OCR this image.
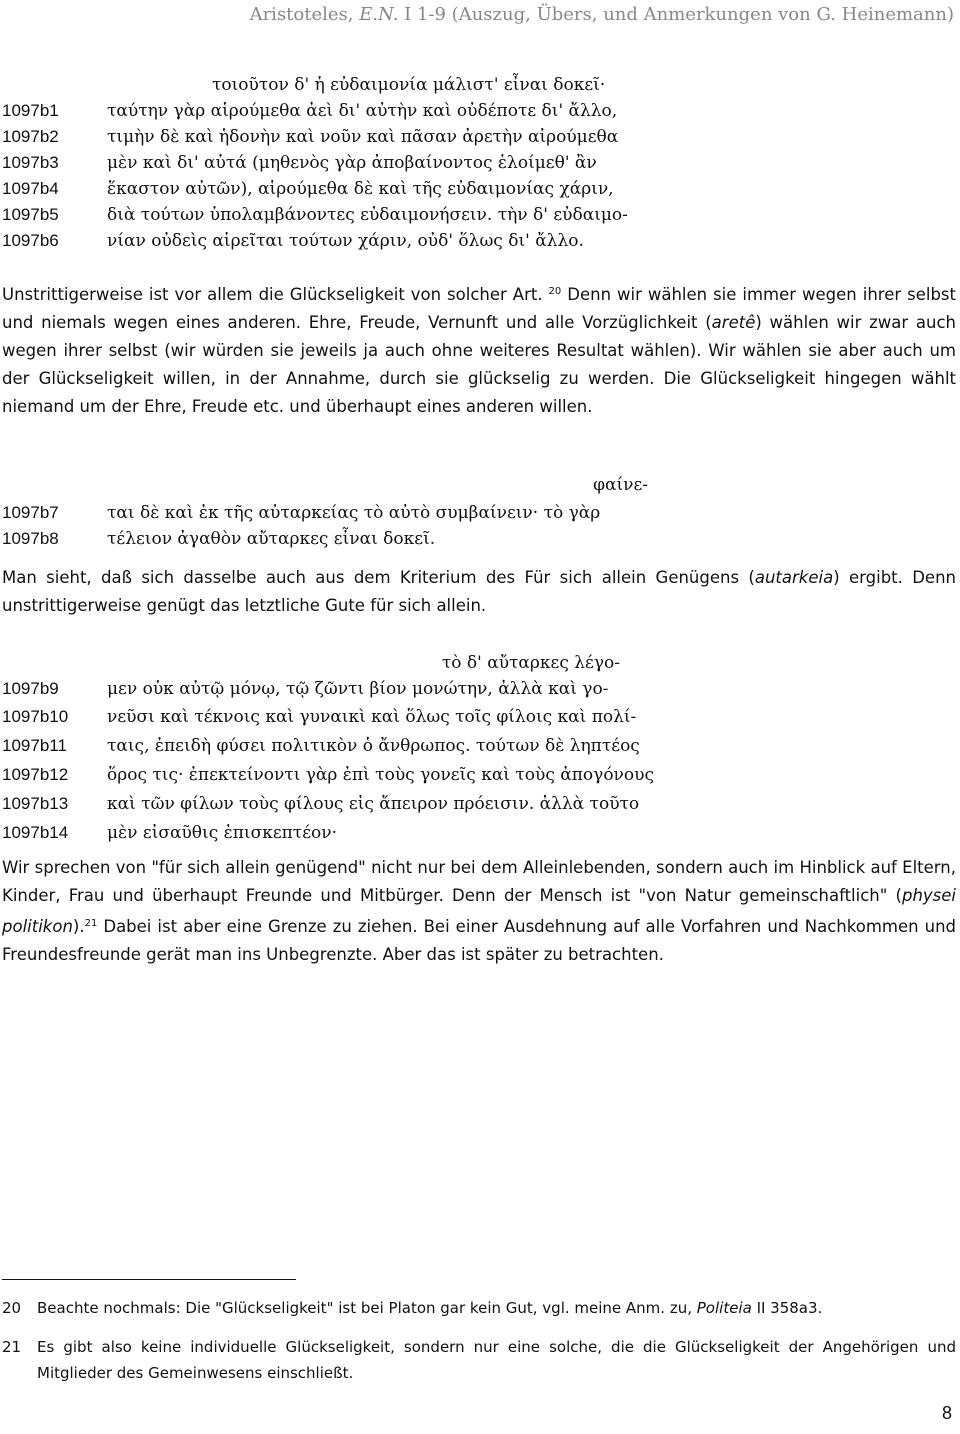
Aristoteles, E.N. I 1-9 (Auszug, Übers, und Anmerkungen von G. Heinemann)
τοιοῦτον δ' ἡ εὐδαιμονία μάλιστ' εἶναι δοκεῖ·
1097b1	ταύτην γὰρ αἱρούμεθα ἀεὶ δι' αὐτὴν καὶ οὐδέποτε δι' ἄλλο,
1097b2	τιμὴν δὲ καὶ ἡδονὴν καὶ νοῦν καὶ πᾶσαν ἀρετὴν αἱρούμεθα
1097b3	μὲν καὶ δι' αὐτά (μηθενὸς γὰρ ἀποβαίνοντος ἑλοίμεθ' ἂν
1097b4	ἕκαστον αὐτῶν), αἱρούμεθα δὲ καὶ τῆς εὐδαιμονίας χάριν,
1097b5	διὰ τούτων ὑπολαμβάνοντες εὐδαιμονήσειν. τὴν δ' εὐδαιμο-
1097b6	νίαν οὐδεὶς αἱρεῖται τούτων χάριν, οὐδ' ὅλως δι' ἄλλο.
Unstrittigerweise ist vor allem die Glückseligkeit von solcher Art. $^{20}$ Denn wir wählen sie immer wegen ihrer selbst und niemals wegen eines anderen. Ehre, Freude, Vernunft und alle Vorzüglichkeit (aretê) wählen wir zwar auch wegen ihrer selbst (wir würden sie jeweils ja auch ohne weiteres Resultat wählen). Wir wählen sie aber auch um der Glückseligkeit willen, in der Annahme, durch sie glückselig zu werden. Die Glückseligkeit hingegen wählt niemand um der Ehre, Freude etc. und überhaupt eines anderen willen.
φαίνε-
1097b7	ται δὲ καὶ ἐκ τῆς αὐταρκείας τὸ αὐτὸ συμβαίνειν· τὸ γὰρ
1097b8	τέλειον ἀγαθὸν αὔταρκες εἶναι δοκεῖ.
Man sieht, daß sich dasselbe auch aus dem Kriterium des Für sich allein Genügens (autarkeia) ergibt. Denn unstrittigerweise genügt das letztliche Gute für sich allein.
τὸ δ' αὔταρκες λέγο-
1097b9	μεν οὐκ αὐτῷ μόνῳ, τῷ ζῶντι βίον μονώτην, ἀλλὰ καὶ γο-
1097b10 νεῦσι καὶ τέκνοις καὶ γυναικὶ καὶ ὅλως τοῖς φίλοις καὶ πολί-
1097b11 ταις, ἐπειδὴ φύσει πολιτικὸν ὁ ἄνθρωπος. τούτων δὲ ληπτέος
1097b12 ὅρος τις· ἐπεκτείνοντι γὰρ ἐπὶ τοὺς γονεῖς καὶ τοὺς ἀπογόνους
1097b13 καὶ τῶν φίλων τοὺς φίλους εἰς ἄπειρον πρόεισιν. ἀλλὰ τοῦτο
1097b14 μὲν εἰσαῦθις ἐπισκεπτέον·
Wir sprechen von "für sich allein genügend" nicht nur bei dem Alleinlebenden, sondern auch im Hinblick auf Eltern, Kinder, Frau und überhaupt Freunde und Mitbürger. Denn der Mensch ist "von Natur gemeinschaftlich" (physei politikon).$^{21}$ Dabei ist aber eine Grenze zu ziehen. Bei einer Ausdehnung auf alle Vorfahren und Nachkommen und Freundesfreunde gerät man ins Unbegrenzte. Aber das ist später zu betrachten.
20 Beachte nochmals: Die "Glückseligkeit" ist bei Platon gar kein Gut, vgl. meine Anm. zu, Politeia II 358a3.
21 Es gibt also keine individuelle Glückseligkeit, sondern nur eine solche, die die Glückseligkeit der Angehörigen und Mitglieder des Gemeinwesens einschließt.
8
